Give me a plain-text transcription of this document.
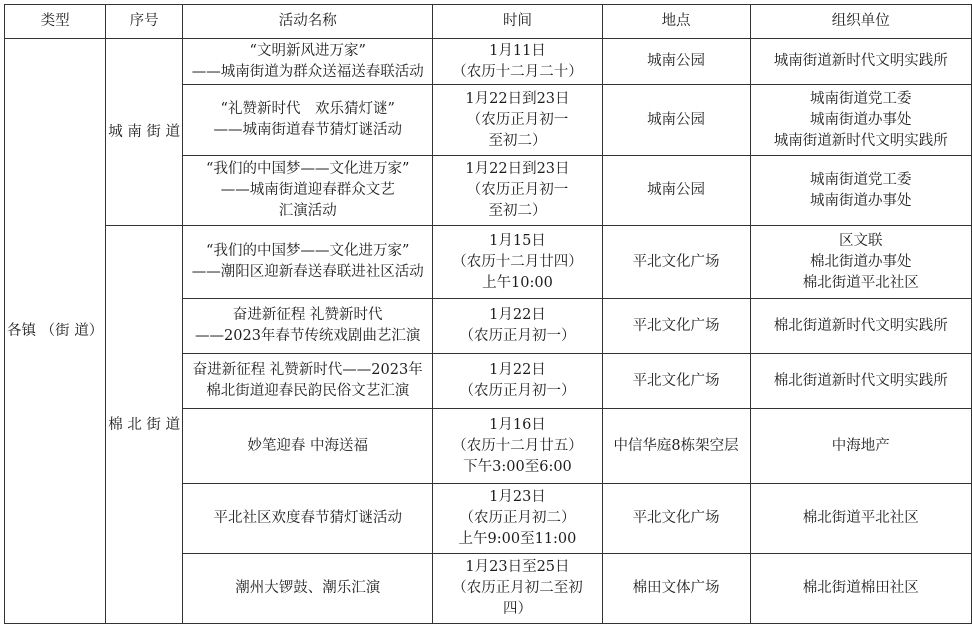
类型	序号	活动名称	时间	地点	组织单位
各镇 （街 道）	城 南 街 道	“文明新风进万家”
——城南街道为群众送福送春联活动	1月11日
（农历十二月二十）	城南公园	城南街道新时代文明实践所

		“礼赞新时代　欢乐猜灯谜”
——城南街道春节猜灯谜活动	1月22日到23日
（农历正月初一
至初二）	城南公园	城南街道党工委
城南街道办事处
城南街道新时代文明实践所

		“我们的中国梦——文化进万家”
——城南街道迎春群众文艺
汇演活动	1月22日到23日
（农历正月初一
至初二）	城南公园	城南街道党工委
城南街道办事处

	棉 北 街 道	“我们的中国梦——文化进万家”
——潮阳区迎新春送春联进社区活动	1月15日
（农历十二月廿四）
上午10:00	平北文化广场	区文联
棉北街道办事处
棉北街道平北社区

		奋进新征程 礼赞新时代
——2023年春节传统戏剧曲艺汇演	1月22日
（农历正月初一）	平北文化广场	棉北街道新时代文明实践所

		奋进新征程 礼赞新时代——2023年
棉北街道迎春民韵民俗文艺汇演	1月22日
（农历正月初一）	平北文化广场	棉北街道新时代文明实践所

		妙笔迎春 中海送福	1月16日
（农历十二月廿五）
下午3:00至6:00	中信华庭8栋架空层	中海地产

		平北社区欢度春节猜灯谜活动	1月23日
（农历正月初二）
上午9:00至11:00	平北文化广场	棉北街道平北社区

		潮州大锣鼓、潮乐汇演	1月23日至25日
（农历正月初二至初
四）	棉田文体广场	棉北街道棉田社区
